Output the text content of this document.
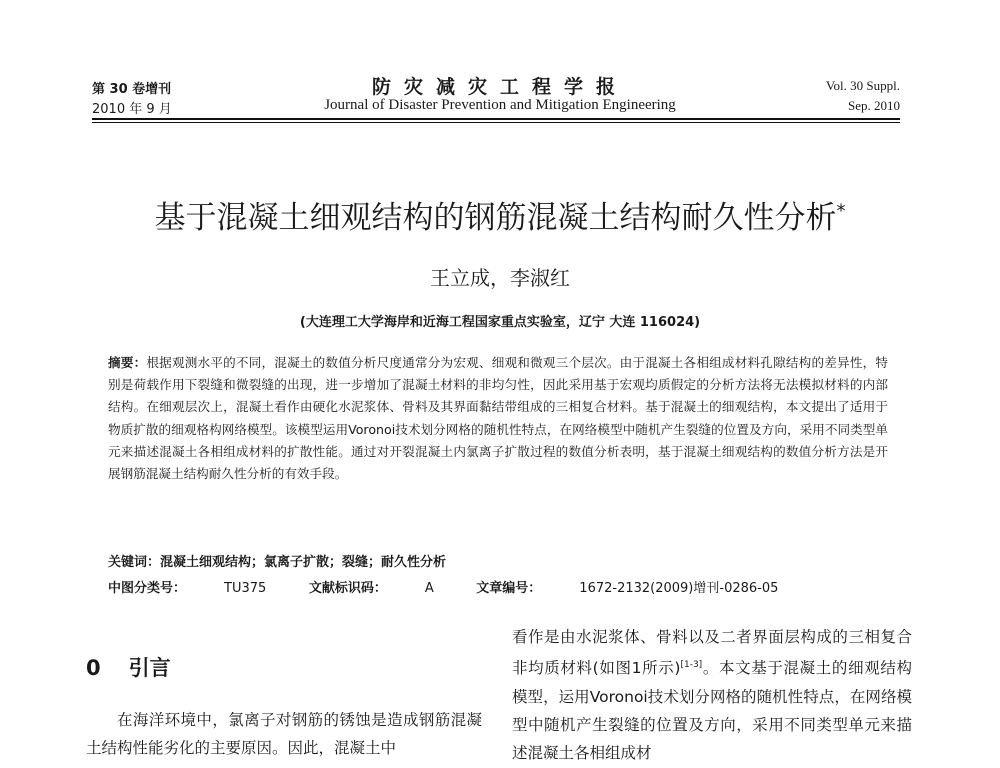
第 30 卷增刊
2010 年 9 月
防灾减灾工程学报
Journal of Disaster Prevention and Mitigation Engineering
Vol. 30 Suppl.
Sep. 2010
基于混凝土细观结构的钢筋混凝土结构耐久性分析*
王立成，李淑红
(大连理工大学海岸和近海工程国家重点实验室，辽宁 大连 116024)
摘要：根据观测水平的不同，混凝土的数值分析尺度通常分为宏观、细观和微观三个层次。由于混凝土各相组成材料孔隙结构的差异性，特别是荷载作用下裂缝和微裂缝的出现，进一步增加了混凝土材料的非均匀性，因此采用基于宏观均质假定的分析方法将无法模拟材料的内部结构。在细观层次上，混凝土看作由硬化水泥浆体、骨料及其界面黏结带组成的三相复合材料。基于混凝土的细观结构，本文提出了适用于物质扩散的细观格构网络模型。该模型运用Voronoi技术划分网格的随机性特点，在网络模型中随机产生裂缝的位置及方向，采用不同类型单元来描述混凝土各相组成材料的扩散性能。通过对开裂混凝土内氯离子扩散过程的数值分析表明，基于混凝土细观结构的数值分析方法是开展钢筋混凝土结构耐久性分析的有效手段。
关键词：混凝土细观结构；氯离子扩散；裂缝；耐久性分析
中图分类号：	TU375	文献标识码：	A	文章编号：	1672-2132(2009)增刊-0286-05
0 引言
在海洋环境中，氯离子对钢筋的锈蚀是造成钢筋混凝土结构性能劣化的主要原因。因此，混凝土中
看作是由水泥浆体、骨料以及二者界面层构成的三相复合非均质材料(如图1所示)[1-3]。本文基于混凝土的细观结构模型，运用Voronoi技术划分网格的随机性特点，在网络模型中随机产生裂缝的位置及方向，采用不同类型单元来描述混凝土各相组成材
